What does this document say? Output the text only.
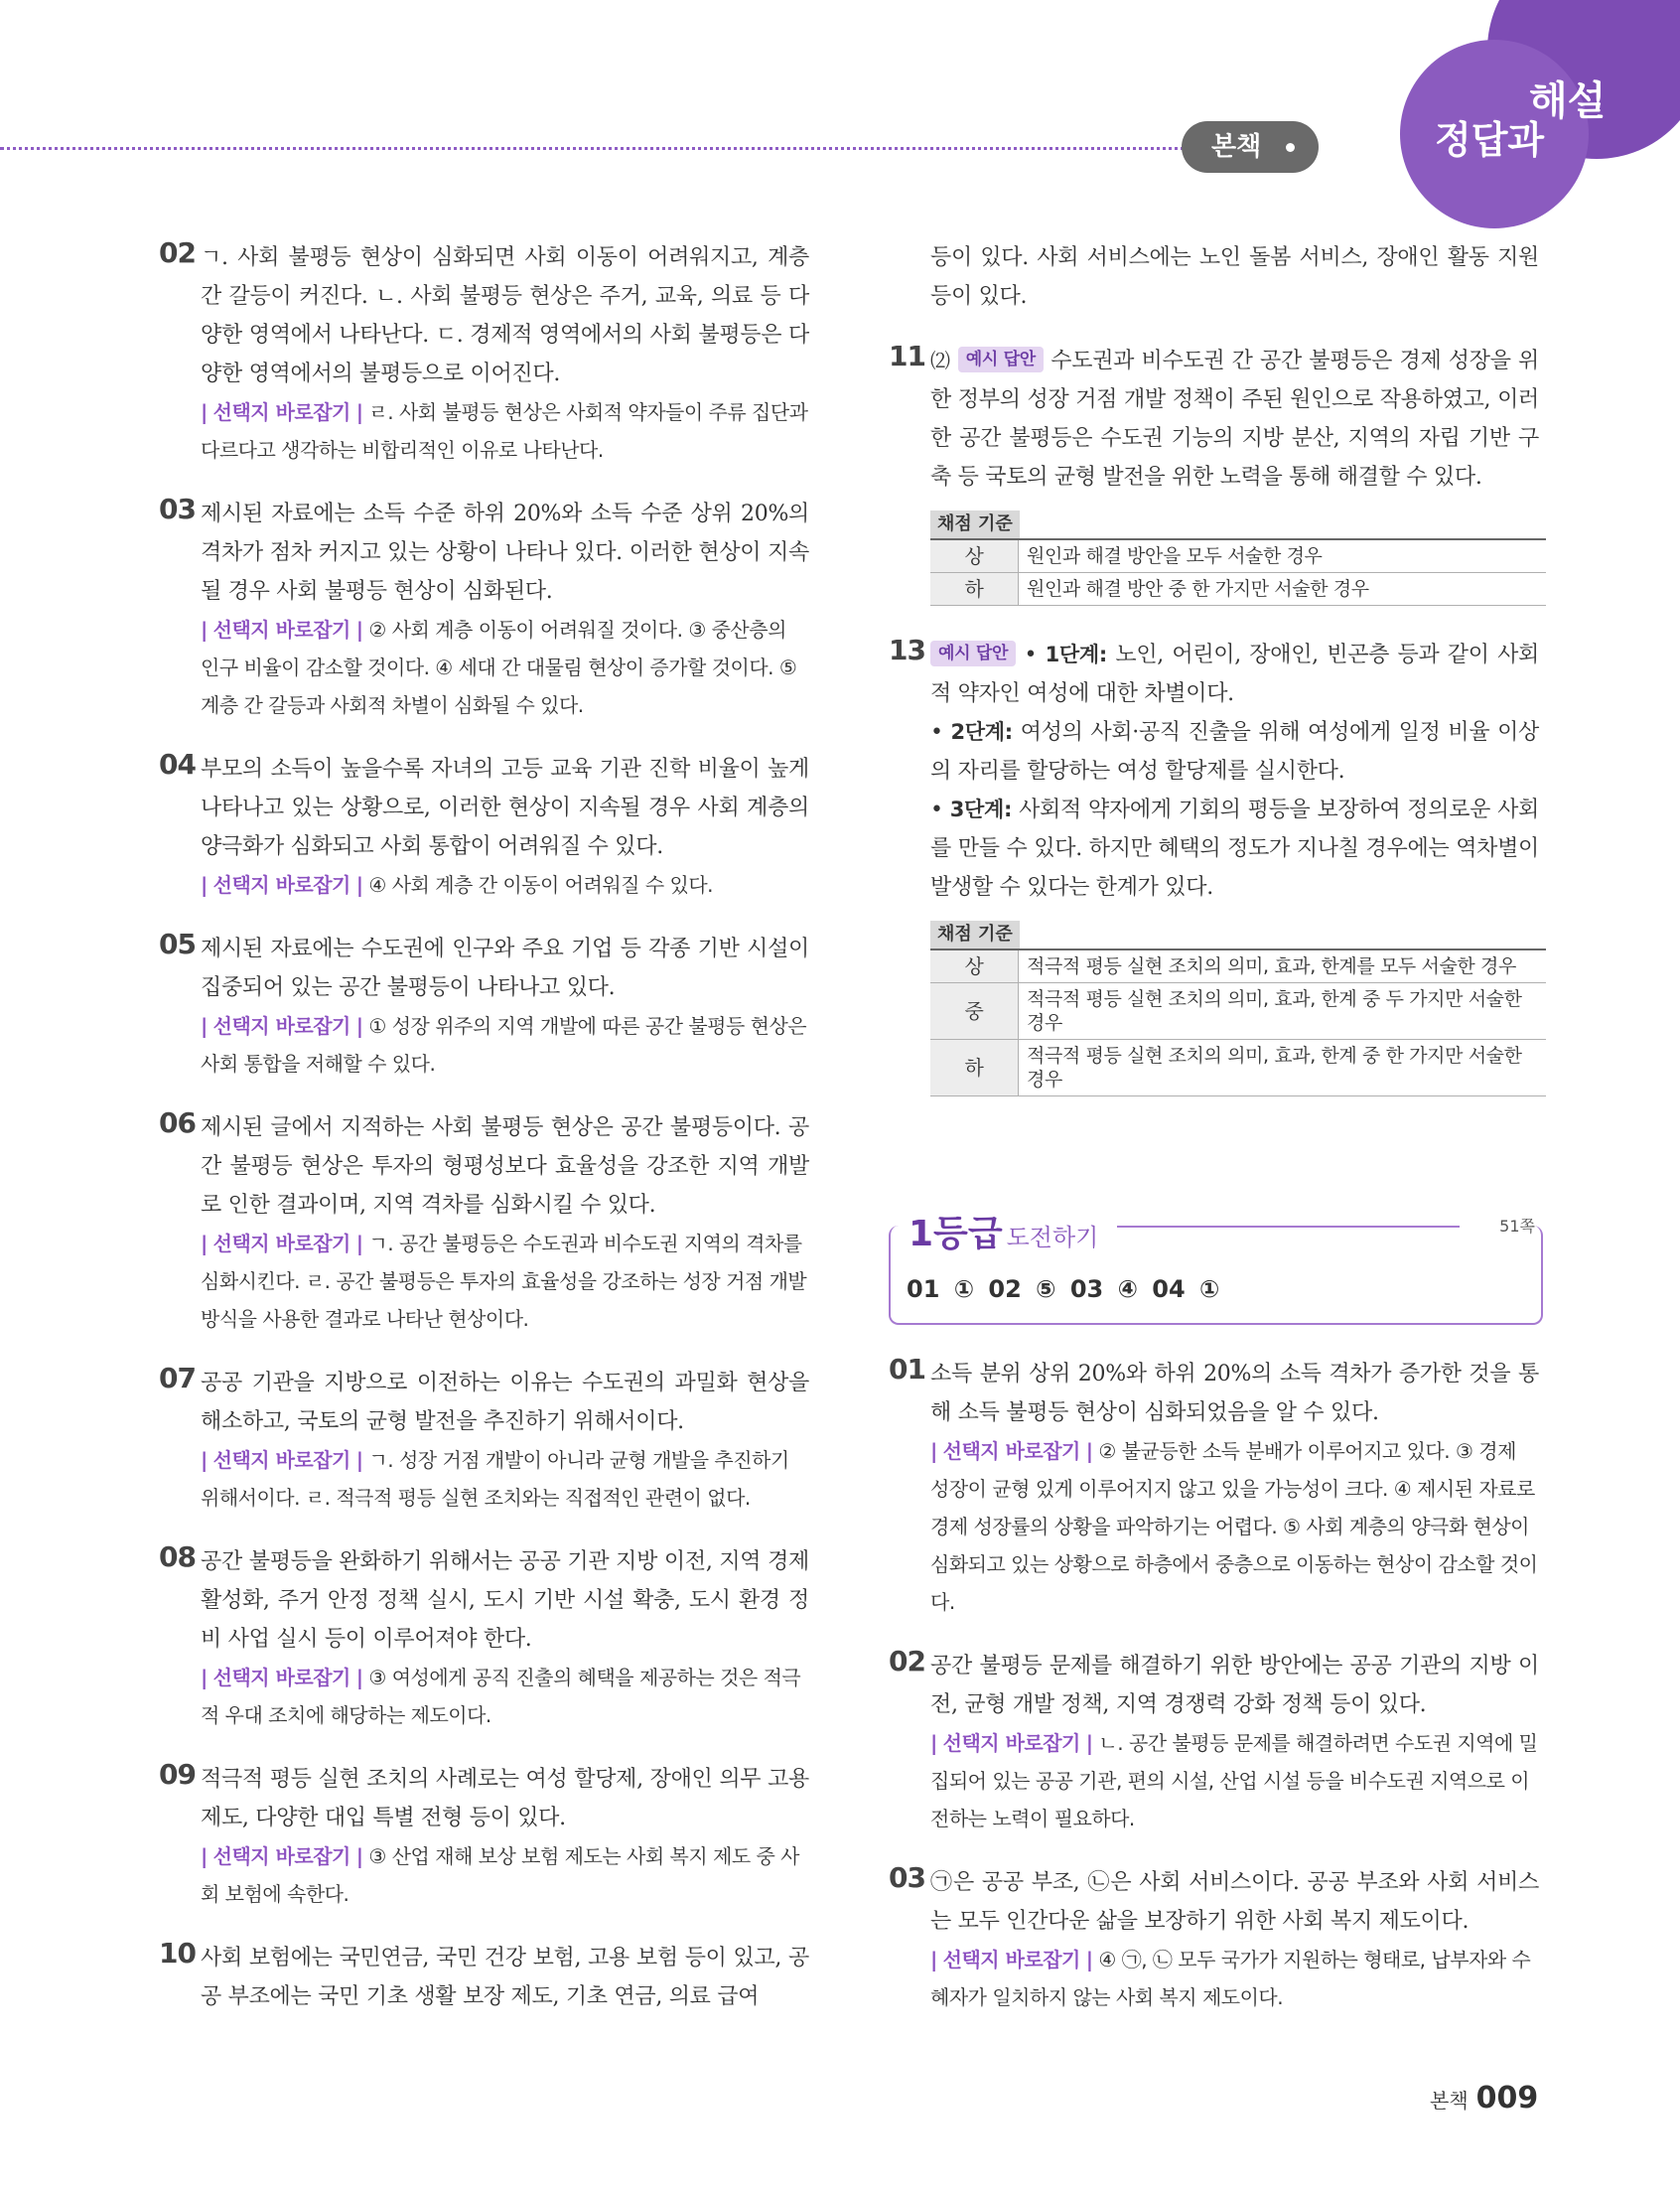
본책	정답과
해설
02 ㄱ. 사회 불평등 현상이 심화되면 사회 이동이 어려워지고, 계층 간 갈등이 커진다. ㄴ. 사회 불평등 현상은 주거, 교육, 의료 등 다양한 영역에서 나타난다. ㄷ. 경제적 영역에서의 사회 불평등은 다양한 영역에서의 불평등으로 이어진다.
| 선택지 바로잡기 | ㄹ. 사회 불평등 현상은 사회적 약자들이 주류 집단과 다르다고 생각하는 비합리적인 이유로 나타난다.
03 제시된 자료에는 소득 수준 하위 20%와 소득 수준 상위 20%의 격차가 점차 커지고 있는 상황이 나타나 있다. 이러한 현상이 지속될 경우 사회 불평등 현상이 심화된다.
| 선택지 바로잡기 | ② 사회 계층 이동이 어려워질 것이다. ③ 중산층의 인구 비율이 감소할 것이다. ④ 세대 간 대물림 현상이 증가할 것이다. ⑤ 계층 간 갈등과 사회적 차별이 심화될 수 있다.
04 부모의 소득이 높을수록 자녀의 고등 교육 기관 진학 비율이 높게 나타나고 있는 상황으로, 이러한 현상이 지속될 경우 사회 계층의 양극화가 심화되고 사회 통합이 어려워질 수 있다.
| 선택지 바로잡기 | ④ 사회 계층 간 이동이 어려워질 수 있다.
05 제시된 자료에는 수도권에 인구와 주요 기업 등 각종 기반 시설이 집중되어 있는 공간 불평등이 나타나고 있다.
| 선택지 바로잡기 | ① 성장 위주의 지역 개발에 따른 공간 불평등 현상은 사회 통합을 저해할 수 있다.
06 제시된 글에서 지적하는 사회 불평등 현상은 공간 불평등이다. 공간 불평등 현상은 투자의 형평성보다 효율성을 강조한 지역 개발로 인한 결과이며, 지역 격차를 심화시킬 수 있다.
| 선택지 바로잡기 | ㄱ. 공간 불평등은 수도권과 비수도권 지역의 격차를 심화시킨다. ㄹ. 공간 불평등은 투자의 효율성을 강조하는 성장 거점 개발 방식을 사용한 결과로 나타난 현상이다.
07 공공 기관을 지방으로 이전하는 이유는 수도권의 과밀화 현상을 해소하고, 국토의 균형 발전을 추진하기 위해서이다.
| 선택지 바로잡기 | ㄱ. 성장 거점 개발이 아니라 균형 개발을 추진하기 위해서이다. ㄹ. 적극적 평등 실현 조치와는 직접적인 관련이 없다.
08 공간 불평등을 완화하기 위해서는 공공 기관 지방 이전, 지역 경제 활성화, 주거 안정 정책 실시, 도시 기반 시설 확충, 도시 환경 정비 사업 실시 등이 이루어져야 한다.
| 선택지 바로잡기 | ③ 여성에게 공직 진출의 혜택을 제공하는 것은 적극적 우대 조치에 해당하는 제도이다.
09 적극적 평등 실현 조치의 사례로는 여성 할당제, 장애인 의무 고용 제도, 다양한 대입 특별 전형 등이 있다.
| 선택지 바로잡기 | ③ 산업 재해 보상 보험 제도는 사회 복지 제도 중 사회 보험에 속한다.
10 사회 보험에는 국민연금, 국민 건강 보험, 고용 보험 등이 있고, 공공 부조에는 국민 기초 생활 보장 제도, 기초 연금, 의료 급여
등이 있다. 사회 서비스에는 노인 돌봄 서비스, 장애인 활동 지원 등이 있다.
11 ⑵ 예시 답안 수도권과 비수도권 간 공간 불평등은 경제 성장을 위한 정부의 성장 거점 개발 정책이 주된 원인으로 작용하였고, 이러한 공간 불평등은 수도권 기능의 지방 분산, 지역의 자립 기반 구축 등 국토의 균형 발전을 위한 노력을 통해 해결할 수 있다.
채점 기준
상	원인과 해결 방안을 모두 서술한 경우
하	원인과 해결 방안 중 한 가지만 서술한 경우
13 예시 답안 • 1단계: 노인, 어린이, 장애인, 빈곤층 등과 같이 사회적 약자인 여성에 대한 차별이다.
• 2단계: 여성의 사회·공직 진출을 위해 여성에게 일정 비율 이상의 자리를 할당하는 여성 할당제를 실시한다.
• 3단계: 사회적 약자에게 기회의 평등을 보장하여 정의로운 사회를 만들 수 있다. 하지만 혜택의 정도가 지나칠 경우에는 역차별이 발생할 수 있다는 한계가 있다.
채점 기준
상	적극적 평등 실현 조치의 의미, 효과, 한계를 모두 서술한 경우
중	적극적 평등 실현 조치의 의미, 효과, 한계 중 두 가지만 서술한 경우
하	적극적 평등 실현 조치의 의미, 효과, 한계 중 한 가지만 서술한 경우
1등급 도전하기	51쪽
01 ① 02 ⑤ 03 ④ 04 ①
01 소득 분위 상위 20%와 하위 20%의 소득 격차가 증가한 것을 통해 소득 불평등 현상이 심화되었음을 알 수 있다.
| 선택지 바로잡기 | ② 불균등한 소득 분배가 이루어지고 있다. ③ 경제 성장이 균형 있게 이루어지지 않고 있을 가능성이 크다. ④ 제시된 자료로 경제 성장률의 상황을 파악하기는 어렵다. ⑤ 사회 계층의 양극화 현상이 심화되고 있는 상황으로 하층에서 중층으로 이동하는 현상이 감소할 것이다.
02 공간 불평등 문제를 해결하기 위한 방안에는 공공 기관의 지방 이전, 균형 개발 정책, 지역 경쟁력 강화 정책 등이 있다.
| 선택지 바로잡기 | ㄴ. 공간 불평등 문제를 해결하려면 수도권 지역에 밀집되어 있는 공공 기관, 편의 시설, 산업 시설 등을 비수도권 지역으로 이전하는 노력이 필요하다.
03 ㉠은 공공 부조, ㉡은 사회 서비스이다. 공공 부조와 사회 서비스는 모두 인간다운 삶을 보장하기 위한 사회 복지 제도이다.
| 선택지 바로잡기 | ④ ㉠, ㉡ 모두 국가가 지원하는 형태로, 납부자와 수혜자가 일치하지 않는 사회 복지 제도이다.
본책 009
